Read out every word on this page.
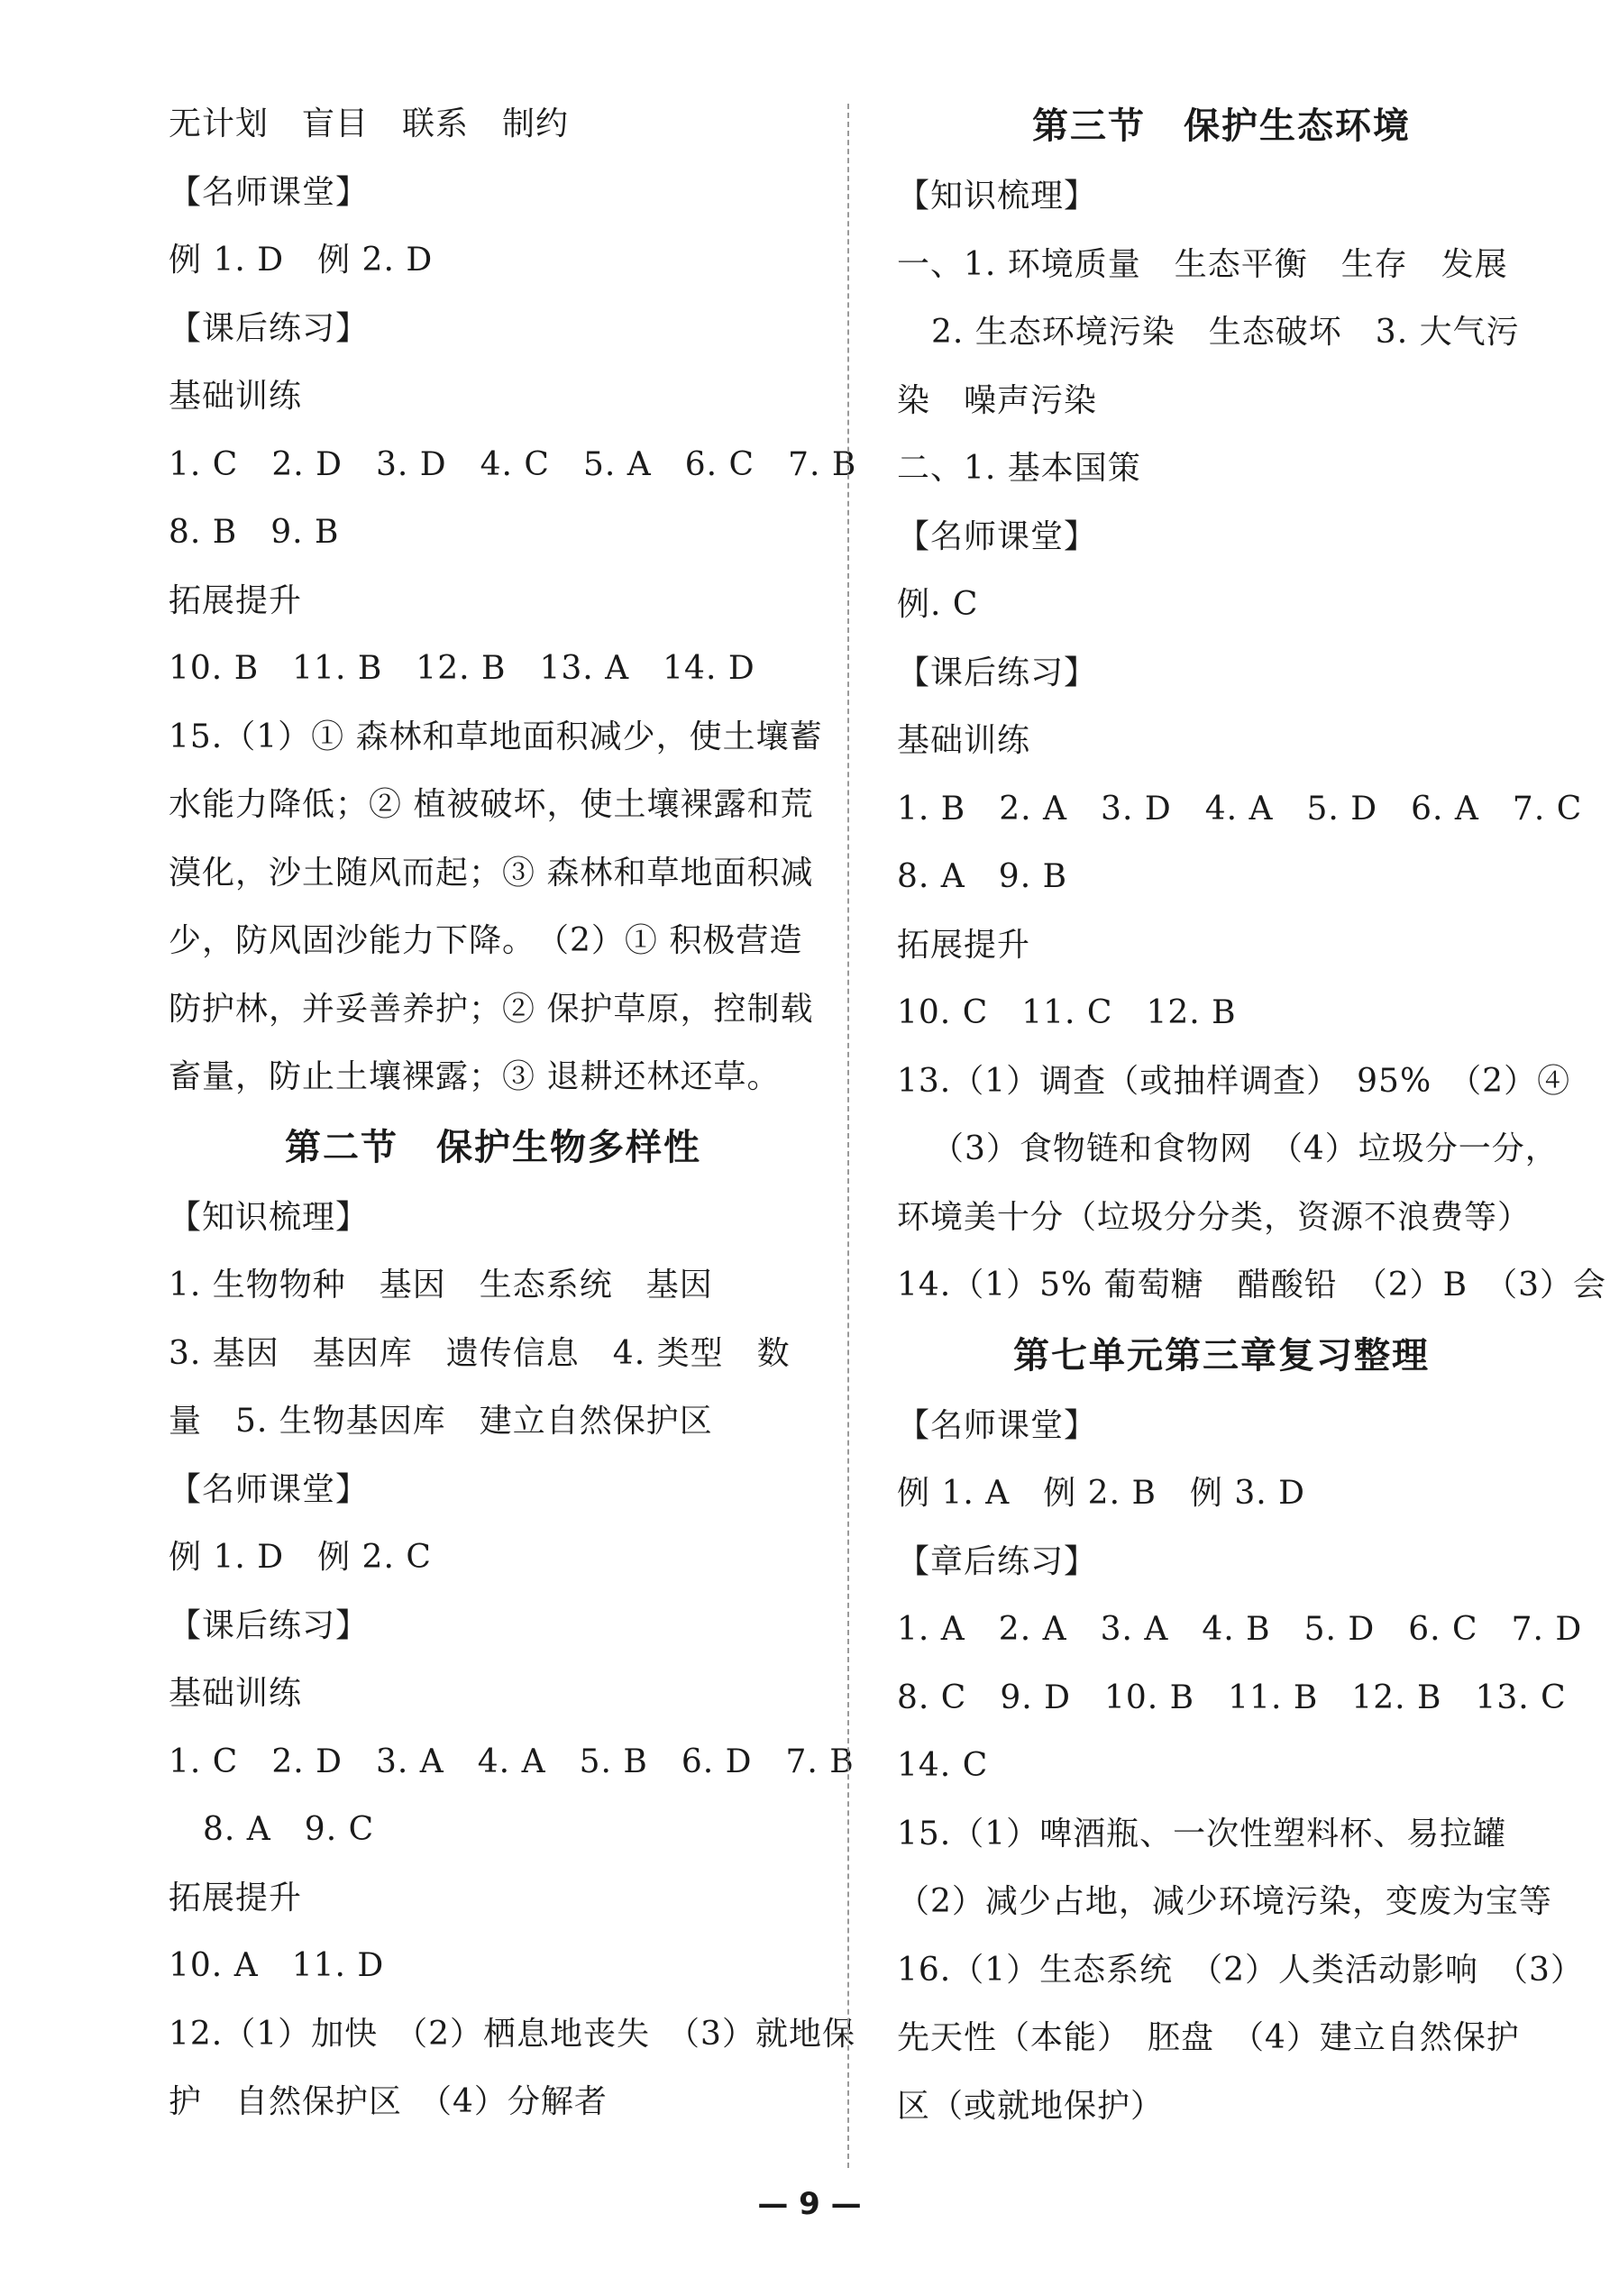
无计划　盲目　联系　制约
【名师课堂】
例 1. D　例 2. D
【课后练习】
基础训练
1. C　2. D　3. D　4. C　5. A　6. C　7. B
8. B　9. B
拓展提升
10. B　11. B　12. B　13. A　14. D
15.（1）① 森林和草地面积减少，使土壤蓄
水能力降低；② 植被破坏，使土壤裸露和荒
漠化，沙土随风而起；③ 森林和草地面积减
少，防风固沙能力下降。　（2）① 积极营造
防护林，并妥善养护；② 保护草原，控制载
畜量，防止土壤裸露；③ 退耕还林还草。
第二节　保护生物多样性
【知识梳理】
1. 生物物种　基因　生态系统　基因
3. 基因　基因库　遗传信息　4. 类型　数
量　5. 生物基因库　建立自然保护区
【名师课堂】
例 1. D　例 2. C
【课后练习】
基础训练
1. C　2. D　3. A　4. A　5. B　6. D　7. B
8. A　9. C
拓展提升
10. A　11. D
12.（1）加快　（2）栖息地丧失　（3）就地保
护　自然保护区　（4）分解者
第三节　保护生态环境
【知识梳理】
一、1. 环境质量　生态平衡　生存　发展
2. 生态环境污染　生态破坏　3. 大气污
染　噪声污染
二、1. 基本国策
【名师课堂】
例. C
【课后练习】
基础训练
1. B　2. A　3. D　4. A　5. D　6. A　7. C
8. A　9. B
拓展提升
10. C　11. C　12. B
13.（1）调查（或抽样调查）　95%　（2）④
（3）食物链和食物网　（4）垃圾分一分，
环境美十分（垃圾分分类，资源不浪费等）
14.（1）5% 葡萄糖　醋酸铅　（2）B　（3）会
第七单元第三章复习整理
【名师课堂】
例 1. A　例 2. B　例 3. D
【章后练习】
1. A　2. A　3. A　4. B　5. D　6. C　7. D
8. C　9. D　10. B　11. B　12. B　13. C
14. C
15.（1）啤酒瓶、一次性塑料杯、易拉罐
（2）减少占地，减少环境污染，变废为宝等
16.（1）生态系统　（2）人类活动影响　（3）
先天性（本能）　胚盘　（4）建立自然保护
区（或就地保护）
— 9 —
